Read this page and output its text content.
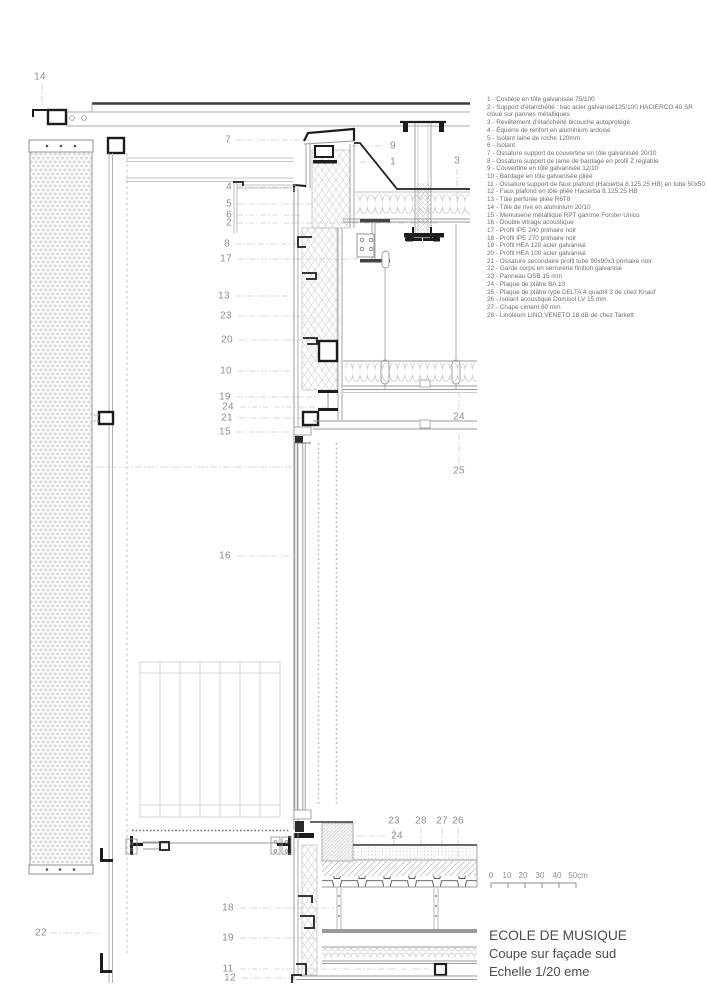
14
7
9
1	3
4
5
6
2
8
17
13
23
20
10
19
24
21
15
24
25
16
23 28 27 26
24
22
18
19
11
12
1 - Costière en tôle galvanisée 75/100
2 - Support d'étanchéité : bac acier galvanisé125/100 HACIERCO 40 SR cloué sur pannes métalliques
3 - Revêtement d'étanchéité bicouche autoprotégé
4 - Équerre de renfort en aluminium ardoisé
5 - Isolant laine de roche 120mm
6 - Isolant
7 - Ossature support de couvertine en tôle galvanisée 20/10
8 - Ossature support de lame de bardage en profil Z réglable
9 - Couvertine en tôle galvanisée 12/10
10 - Bardage en tôle galvanisée pliée
11 - Ossature support de faux plafond (Hacierba 8.125.25 HB) en tube 50x50
12 - Faux plafond en tôle pliée Hacierba 8.125.25 HB
13 - Tôle perforée pliée R6T8
14 - Tôle de rive en aluminium 20/10
15 - Menuiserie métallique RPT gamme Forster Unico
16 - Double vitrage acoustique
17 - Profil IPE 240 primaire noir
18 - Profil IPE 270 primaire noir
19 - Profil HEA 120 acier galvanisé
20 - Profil HEA 100 acier galvanisé
21 - Ossature secondaire profil tube 90x90x3 primaire noir
22 - Garde corps en serrurerie finition galvanisé
23 - Panneau OSB 15 mm
24 - Plaque de plâtre BA 13
25 - Plaque de plâtre type DELTA 4 quadril 3 de chez Knauf
26 - Isolant acoustique Domisol LV 15 mm
27 - Chape ciment 60 mm
28 - Linoléum LINO VENETO 18 dB de chez Tarkett
0 10 20 30 40 50cm
ECOLE DE MUSIQUE
Coupe sur façade sud
Echelle 1/20 eme
